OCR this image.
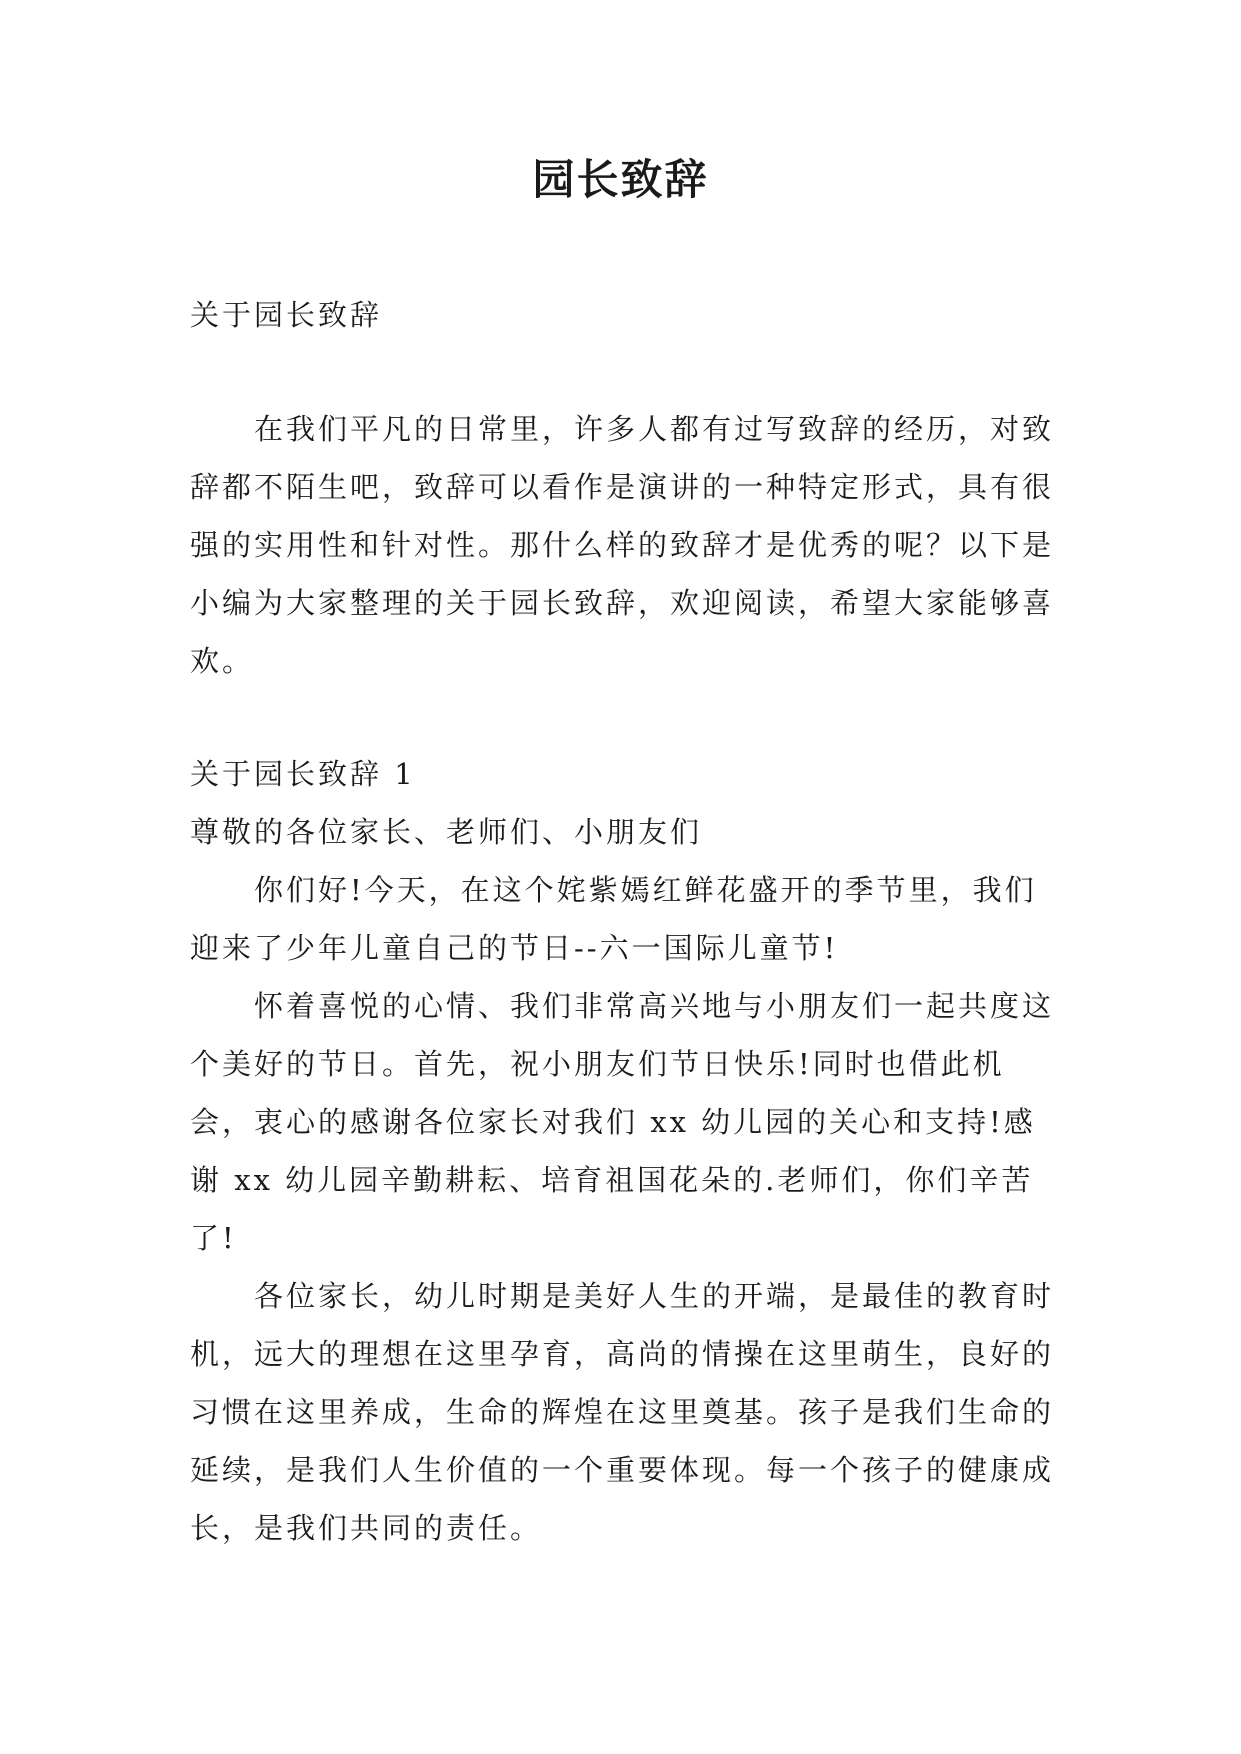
园长致辞

关于园长致辞

在我们平凡的日常里，许多人都有过写致辞的经历，对致辞都不陌生吧，致辞可以看作是演讲的一种特定形式，具有很强的实用性和针对性。那什么样的致辞才是优秀的呢？以下是小编为大家整理的关于园长致辞，欢迎阅读，希望大家能够喜欢。

关于园长致辞 1

尊敬的各位家长、老师们、小朋友们

你们好!今天，在这个姹紫嫣红鲜花盛开的季节里，我们迎来了少年儿童自己的节日--六一国际儿童节!

怀着喜悦的心情、我们非常高兴地与小朋友们一起共度这个美好的节日。首先，祝小朋友们节日快乐!同时也借此机会，衷心的感谢各位家长对我们 xx 幼儿园的关心和支持!感谢 xx 幼儿园辛勤耕耘、培育祖国花朵的.老师们，你们辛苦了!

各位家长，幼儿时期是美好人生的开端，是最佳的教育时机，远大的理想在这里孕育，高尚的情操在这里萌生，良好的习惯在这里养成，生命的辉煌在这里奠基。孩子是我们生命的延续，是我们人生价值的一个重要体现。每一个孩子的健康成长，是我们共同的责任。
